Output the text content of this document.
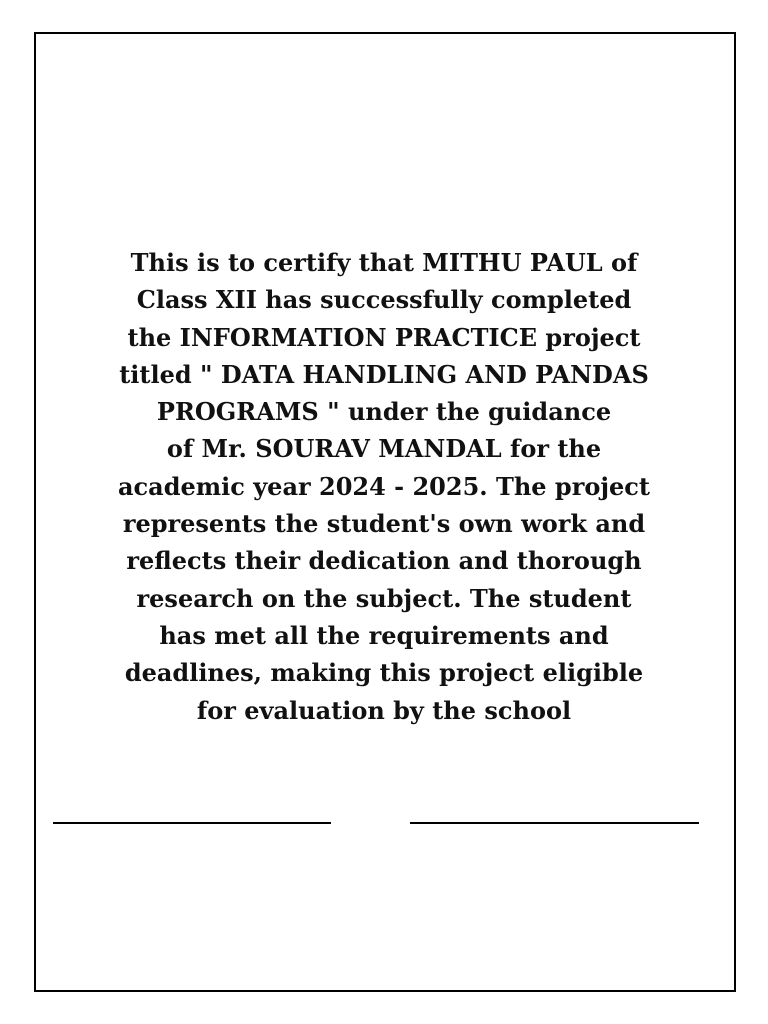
This is to certify that MITHU PAUL of
Class XII has successfully completed
the INFORMATION PRACTICE project
titled " DATA HANDLING AND PANDAS
PROGRAMS " under the guidance
of Mr. SOURAV MANDAL for the
academic year 2024 - 2025. The project
represents the student's own work and
reflects their dedication and thorough
research on the subject. The student
has met all the requirements and
deadlines, making this project eligible
for evaluation by the school
